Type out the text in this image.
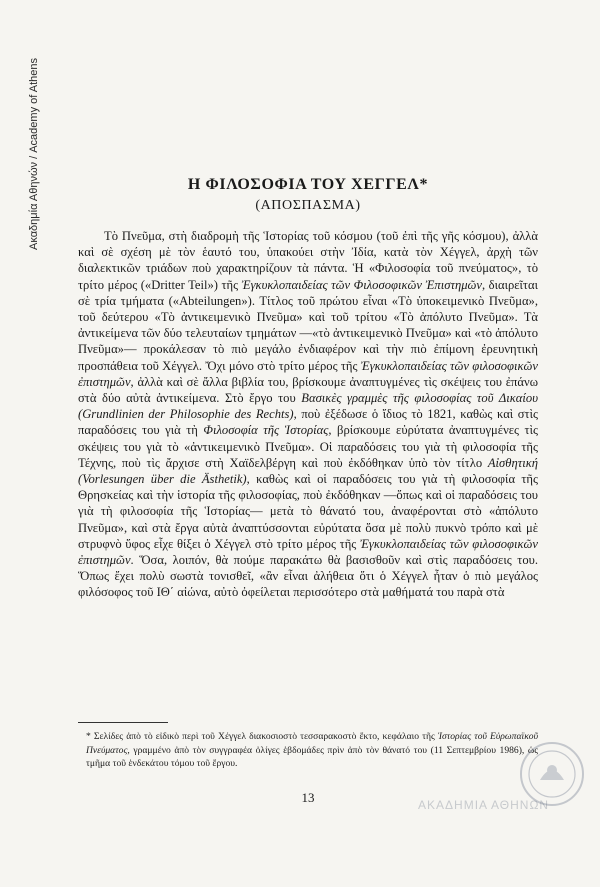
Ακαδημία Αθηνών / Academy of Athens	Η ΦΙΛΟΣΟΦΙΑ ΤΟΥ ΧΕΓΓΕΛ*
(ΑΠΟΣΠΑΣΜΑ)

Τὸ Πνεῦμα, στὴ διαδρομὴ τῆς Ἱστορίας τοῦ κόσμου (τοῦ ἐπὶ τῆς γῆς κόσμου), ἀλλὰ καὶ σὲ σχέση μὲ τὸν ἑαυτό του, ὑπακούει στὴν Ἰδία, κατὰ τὸν Χέγγελ, ἀρχὴ τῶν διαλεκτικῶν τριάδων ποὺ χαρακτηρίζουν τὰ πάντα. Ἡ «Φιλοσοφία τοῦ πνεύματος», τὸ τρίτο μέρος («Dritter Teil») τῆς Ἐγκυκλοπαιδείας τῶν Φιλοσοφικῶν Ἐπιστημῶν, διαιρεῖται σὲ τρία τμήματα («Abteilungen»). Τίτλος τοῦ πρώτου εἶναι «Τὸ ὑποκειμενικὸ Πνεῦμα», τοῦ δεύτερου «Τὸ ἀντικειμενικὸ Πνεῦμα» καὶ τοῦ τρίτου «Τὸ ἀπόλυτο Πνεῦμα». Τὰ ἀντικείμενα τῶν δύο τελευταίων τμημάτων —«τὸ ἀντικειμενικὸ Πνεῦμα» καὶ «τὸ ἀπόλυτο Πνεῦμα»— προκάλεσαν τὸ πιὸ μεγάλο ἐνδιαφέρον καὶ τὴν πιὸ ἐπίμονη ἐρευνητικὴ προσπάθεια τοῦ Χέγγελ. Ὄχι μόνο στὸ τρίτο μέρος τῆς Ἐγκυκλοπαιδείας τῶν φιλοσοφικῶν ἐπιστημῶν, ἀλλὰ καὶ σὲ ἄλλα βιβλία του, βρίσκουμε ἀναπτυγμένες τὶς σκέψεις του ἐπάνω στὰ δύο αὐτὰ ἀντικείμενα. Στὸ ἔργο του Βασικὲς γραμμὲς τῆς φιλοσοφίας τοῦ Δικαίου (Grundlinien der Philosophie des Rechts), ποὺ ἐξέδωσε ὁ ἴδιος τὸ 1821, καθὼς καὶ στὶς παραδόσεις του γιὰ τὴ Φιλοσοφία τῆς Ἱστορίας, βρίσκουμε εὐρύτατα ἀναπτυγμένες τὶς σκέψεις του γιὰ τὸ «ἀντικειμενικὸ Πνεῦμα». Οἱ παραδόσεις του γιὰ τὴ φιλοσοφία τῆς Τέχνης, ποὺ τὶς ἄρχισε στὴ Χαϊδελβέργη καὶ ποὺ ἐκδόθηκαν ὑπὸ τὸν τίτλο Αἰσθητική (Vorlesungen über die Ästhetik), καθὼς καὶ οἱ παραδόσεις του γιὰ τὴ φιλοσοφία τῆς Θρησκείας καὶ τὴν ἱστορία τῆς φιλοσοφίας, ποὺ ἐκδόθηκαν —ὅπως καὶ οἱ παραδόσεις του γιὰ τὴ φιλοσοφία τῆς Ἱστορίας— μετὰ τὸ θάνατό του, ἀναφέρονται στὸ «ἀπόλυτο Πνεῦμα», καὶ στὰ ἔργα αὐτὰ ἀναπτύσσονται εὐρύτατα ὅσα μὲ πολὺ πυκνὸ τρόπο καὶ μὲ στρυφνὸ ὕφος εἶχε θίξει ὁ Χέγγελ στὸ τρίτο μέρος τῆς Ἐγκυκλοπαιδείας τῶν φιλοσοφικῶν ἐπιστημῶν. Ὅσα, λοιπόν, θὰ πούμε παρακάτω θὰ βασισθοῦν καὶ στὶς παραδόσεις του. Ὅπως ἔχει πολὺ σωστὰ τονισθεῖ, «ἂν εἶναι ἀλήθεια ὅτι ὁ Χέγγελ ἦταν ὁ πιὸ μεγάλος φιλόσοφος τοῦ ΙΘ΄ αἰώνα, αὐτὸ ὀφείλεται περισσότερο στὰ μαθήματά του παρὰ στὰ

* Σελίδες ἀπὸ τὸ εἰδικὸ περὶ τοῦ Χέγγελ διακοσιοστὸ τεσσαρακοστὸ ἕκτο, κεφάλαιο τῆς Ἱστορίας τοῦ Εὐρωπαϊκοῦ Πνεύματος, γραμμένο ἀπὸ τὸν συγγραφέα ὀλίγες ἑβδομάδες πρὶν ἀπὸ τὸν θάνατό του (11 Σεπτεμβρίου 1986), ὡς τμῆμα τοῦ ἑνδεκάτου τόμου τοῦ ἔργου.
13	ΑΚΑΔΗΜΙΑ ΑΘΗΝΩΝ
